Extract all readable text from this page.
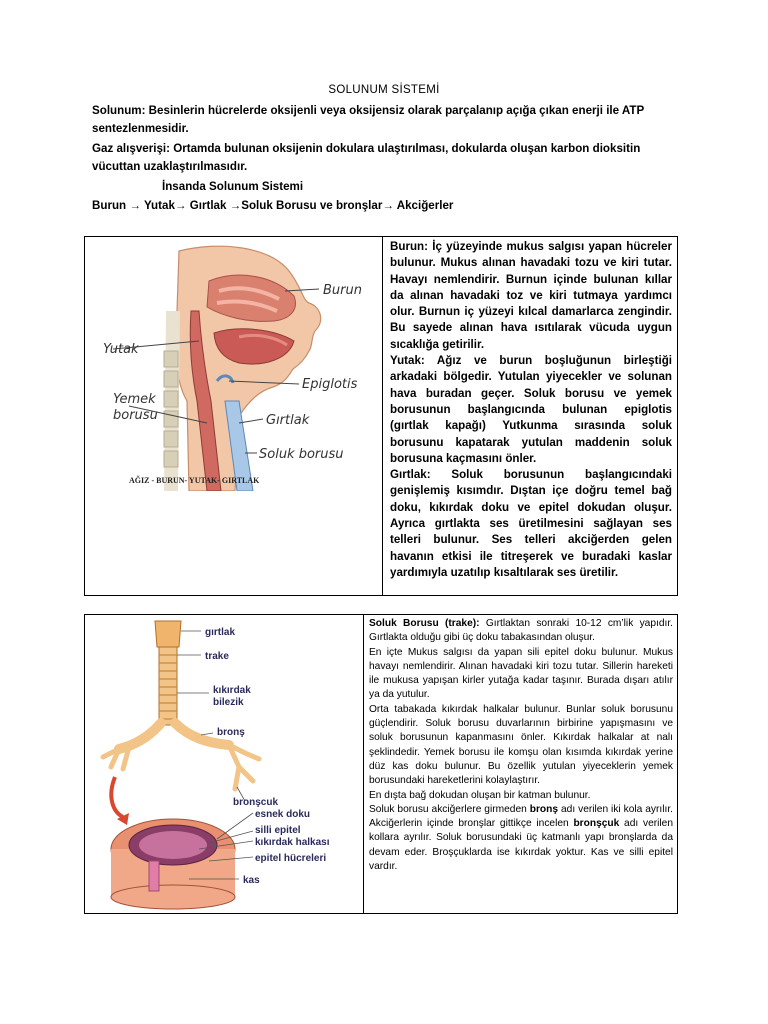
SOLUNUM SİSTEMİ
Solunum: Besinlerin hücrelerde oksijenli veya oksijensiz olarak parçalanıp açığa çıkan enerji ile ATP sentezlenmesidir.
Gaz alışverişi: Ortamda bulunan oksijenin dokulara ulaştırılması, dokularda oluşan karbon dioksitin vücuttan uzaklaştırılmasıdır.
İnsanda Solunum Sistemi
Burun → Yutak→ Gırtlak →Soluk Borusu ve bronşlar→ Akciğerler
Burun
Yutak
Epiglotis
Yemek
borusu	Gırtlak
Soluk borusu
AĞIZ - BURUN- YUTAK- GIRTLAK
Burun: İç yüzeyinde mukus salgısı yapan hücreler bulunur. Mukus alınan havadaki tozu ve kiri tutar. Havayı nemlendirir. Burnun içinde bulunan kıllar da alınan havadaki toz ve kiri tutmaya yardımcı olur. Burnun iç yüzeyi kılcal damarlarca zengindir. Bu sayede alınan hava ısıtılarak vücuda uygun sıcaklığa getirilir.
Yutak: Ağız ve burun boşluğunun birleştiği arkadaki bölgedir. Yutulan yiyecekler ve solunan hava buradan geçer. Soluk borusu ve yemek borusunun başlangıcında bulunan epiglotis (gırtlak kapağı) Yutkunma sırasında soluk borusunu kapatarak yutulan maddenin soluk borusuna kaçmasını önler.
Gırtlak: Soluk borusunun başlangıcındaki genişlemiş kısımdır. Dıştan içe doğru temel bağ doku, kıkırdak doku ve epitel dokudan oluşur. Ayrıca gırtlakta ses üretilmesini sağlayan ses telleri bulunur. Ses telleri akciğerden gelen havanın etkisi ile titreşerek ve buradaki kaslar yardımıyla uzatılıp kısaltılarak ses üretilir.
gırtlak
trake
kıkırdak
bilezik
bronş
bronşcuk
esnek doku
silli epitel
kıkırdak halkası
epitel hücreleri
kas
Soluk Borusu (trake): Gırtlaktan sonraki 10-12 cm’lik yapıdır. Gırtlakta olduğu gibi üç doku tabakasından oluşur.
En içte Mukus salgısı da yapan sili epitel doku bulunur. Mukus havayı nemlendirir. Alınan havadaki kiri tozu tutar. Sillerin hareketi ile mukusa yapışan kirler yutağa kadar taşınır. Burada dışarı atılır ya da yutulur.
Orta tabakada kıkırdak halkalar bulunur. Bunlar soluk borusunu güçlendirir. Soluk borusu duvarlarının birbirine yapışmasını ve soluk borusunun kapanmasını önler. Kıkırdak halkalar at nalı şeklindedir. Yemek borusu ile komşu olan kısımda kıkırdak yerine düz kas doku bulunur. Bu özellik yutulan yiyeceklerin yemek borusundaki hareketlerini kolaylaştırır.
En dışta bağ dokudan oluşan bir katman bulunur.
Soluk borusu akciğerlere girmeden bronş adı verilen iki kola ayrılır. Akciğerlerin içinde bronşlar gittikçe incelen bronşçuk adı verilen kollara ayrılır. Soluk borusundaki üç katmanlı yapı bronşlarda da devam eder. Broşçuklarda ise kıkırdak yoktur. Kas ve silli epitel vardır.
